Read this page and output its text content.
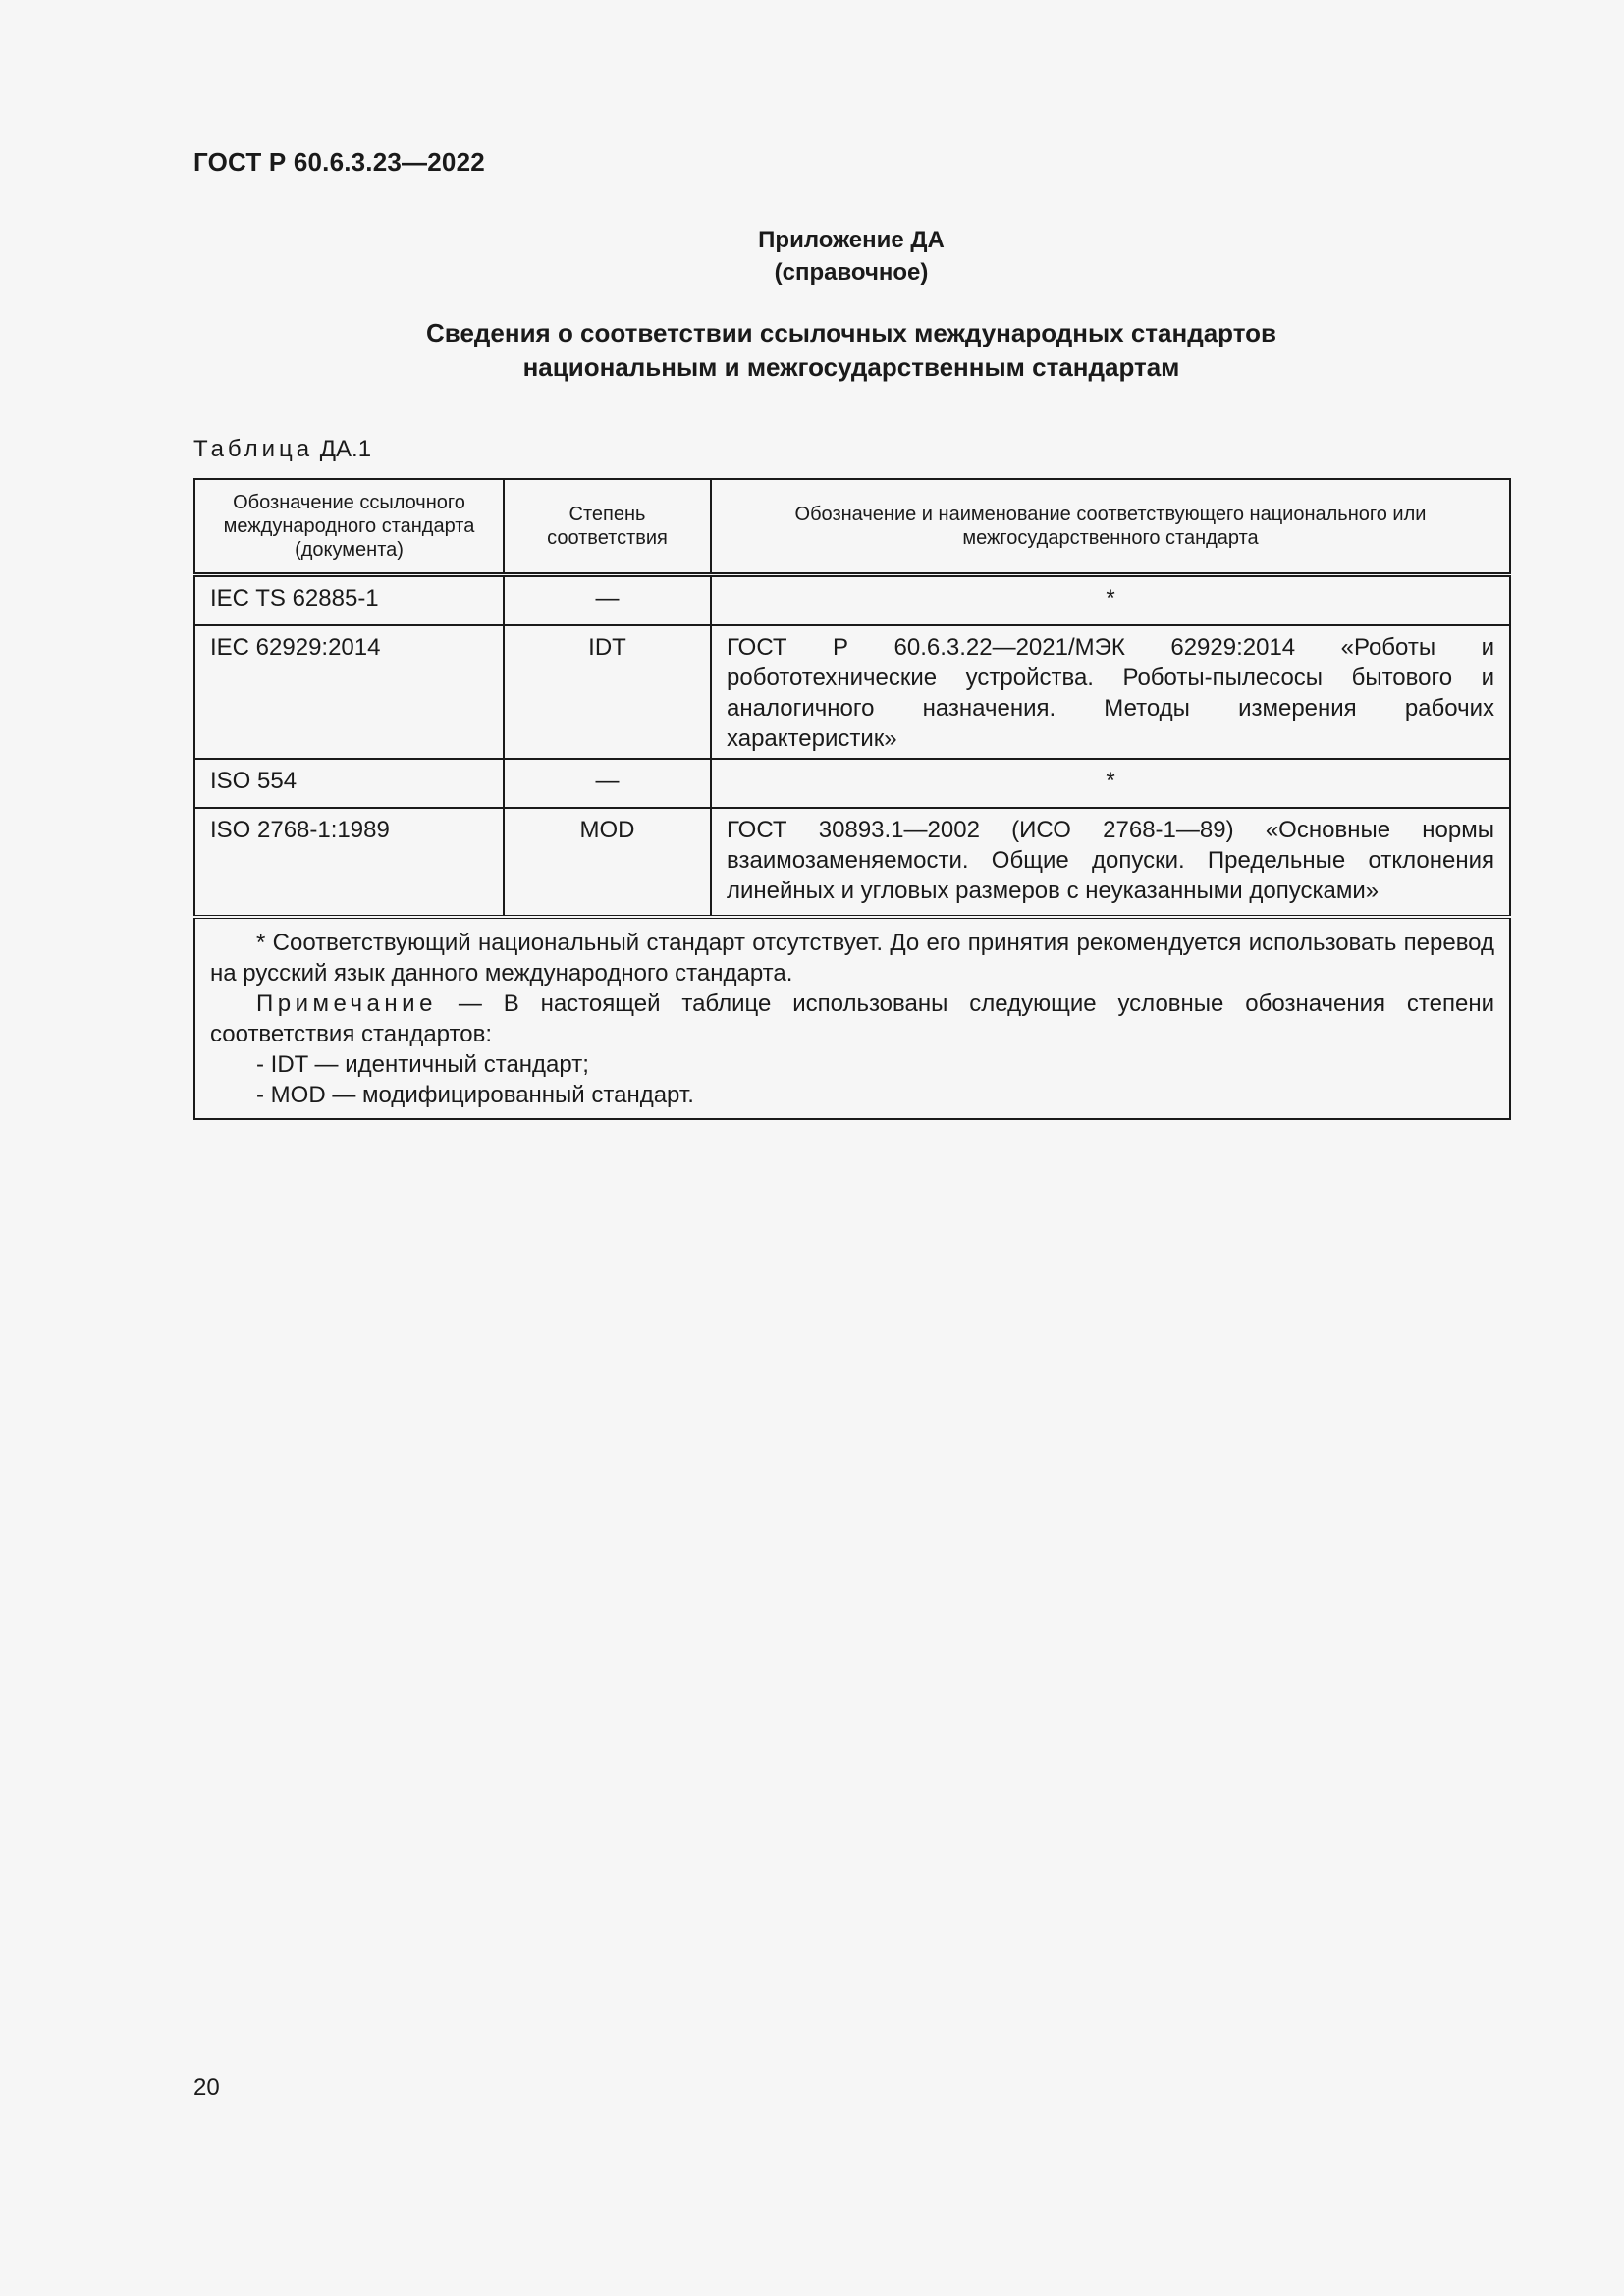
ГОСТ Р 60.6.3.23—2022
Приложение ДА
(справочное)
Сведения о соответствии ссылочных международных стандартов
национальным и межгосударственным стандартам
Таблица ДА.1
Обозначение ссылочного международного стандарта (документа)	Степень соответствия	Обозначение и наименование соответствующего национального или межгосударственного стандарта
IEC TS 62885-1	—	*
IEC 62929:2014	IDT	ГОСТ Р 60.6.3.22—2021/МЭК 62929:2014 «Роботы и робототехнические устройства. Роботы-пылесосы бытового и аналогичного назначения. Методы измерения рабочих характеристик»
ISO 554	—	*
ISO 2768-1:1989	MOD	ГОСТ 30893.1—2002 (ИСО 2768-1—89) «Основные нормы взаимозаменяемости. Общие допуски. Предельные отклонения линейных и угловых размеров с неуказанными допусками»

* Соответствующий национальный стандарт отсутствует. До его принятия рекомендуется использовать перевод на русский язык данного международного стандарта.

Примечание — В настоящей таблице использованы следующие условные обозначения степени соответствия стандартов:

- IDT — идентичный стандарт;

- MOD — модифицированный стандарт.		

20
